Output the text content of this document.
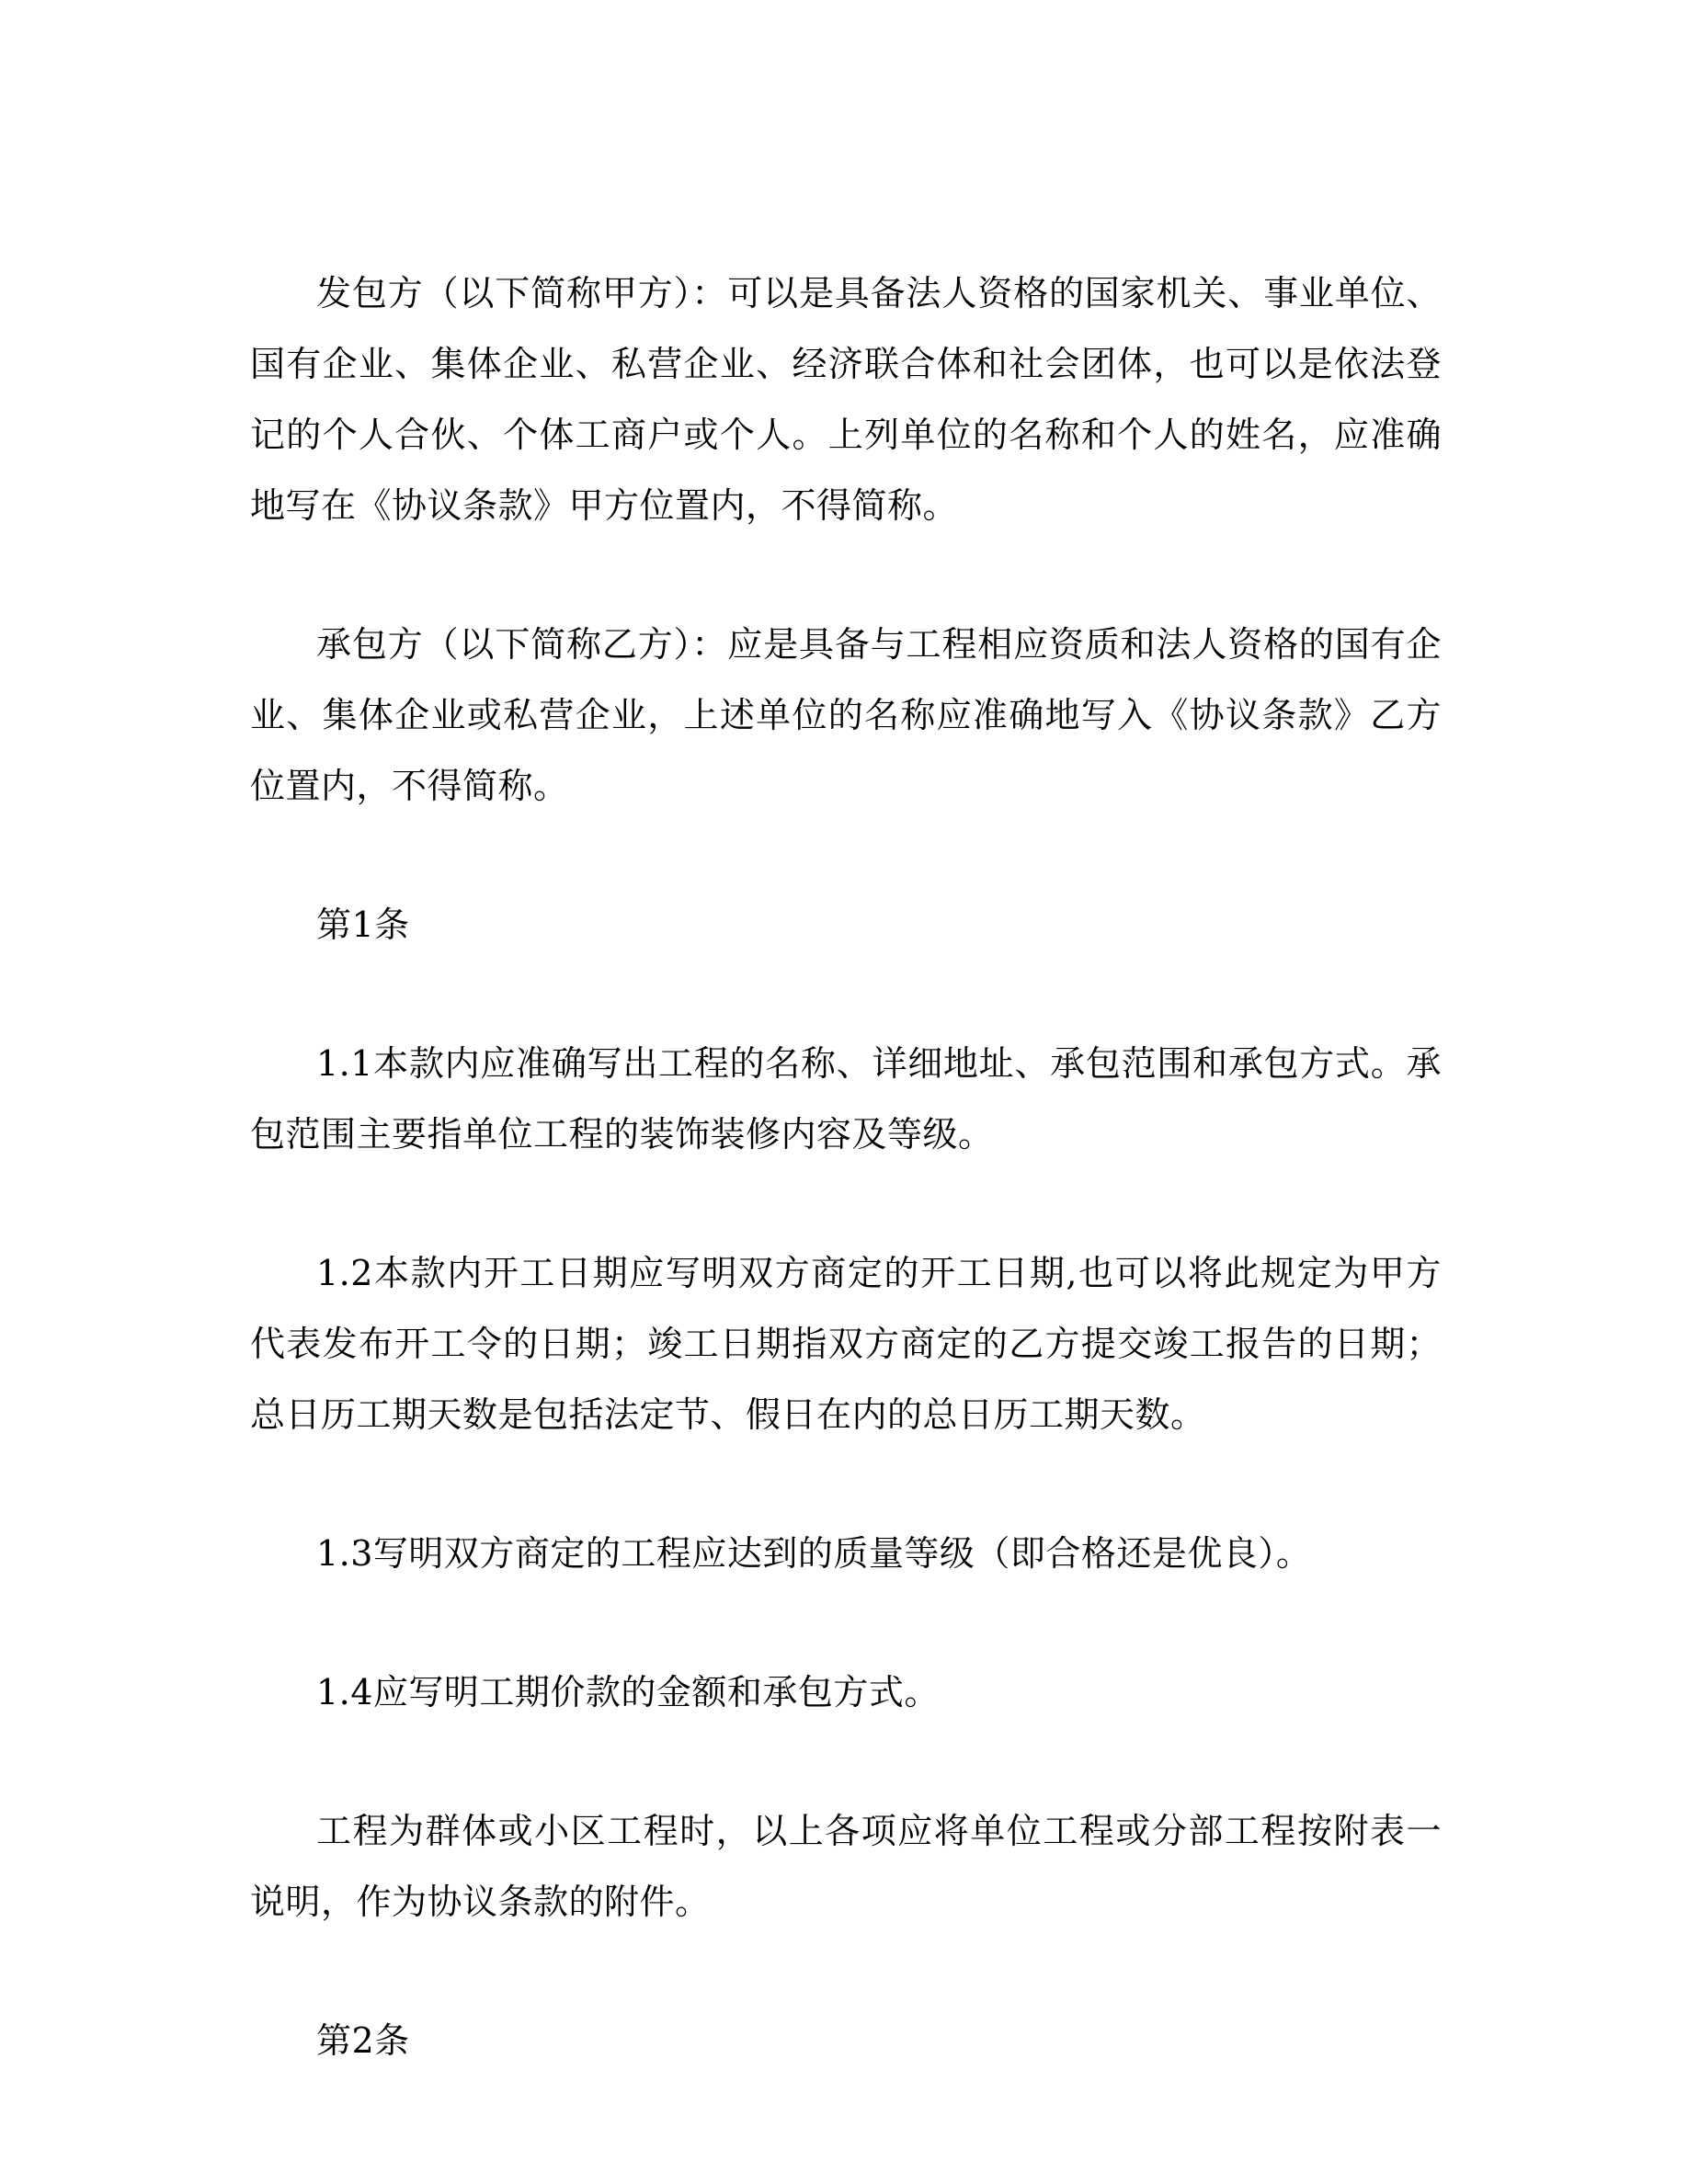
发包方（以下简称甲方）：可以是具备法人资格的国家机关、事业单位、国有企业、集体企业、私营企业、经济联合体和社会团体，也可以是依法登记的个人合伙、个体工商户或个人。上列单位的名称和个人的姓名，应准确地写在《协议条款》甲方位置内，不得简称。

承包方（以下简称乙方）：应是具备与工程相应资质和法人资格的国有企业、集体企业或私营企业，上述单位的名称应准确地写入《协议条款》乙方位置内，不得简称。

第1条

1.1本款内应准确写出工程的名称、详细地址、承包范围和承包方式。承包范围主要指单位工程的装饰装修内容及等级。

1.2本款内开工日期应写明双方商定的开工日期,也可以将此规定为甲方代表发布开工令的日期；竣工日期指双方商定的乙方提交竣工报告的日期；总日历工期天数是包括法定节、假日在内的总日历工期天数。

1.3写明双方商定的工程应达到的质量等级（即合格还是优良）。

1.4应写明工期价款的金额和承包方式。

工程为群体或小区工程时，以上各项应将单位工程或分部工程按附表一说明，作为协议条款的附件。

第2条
